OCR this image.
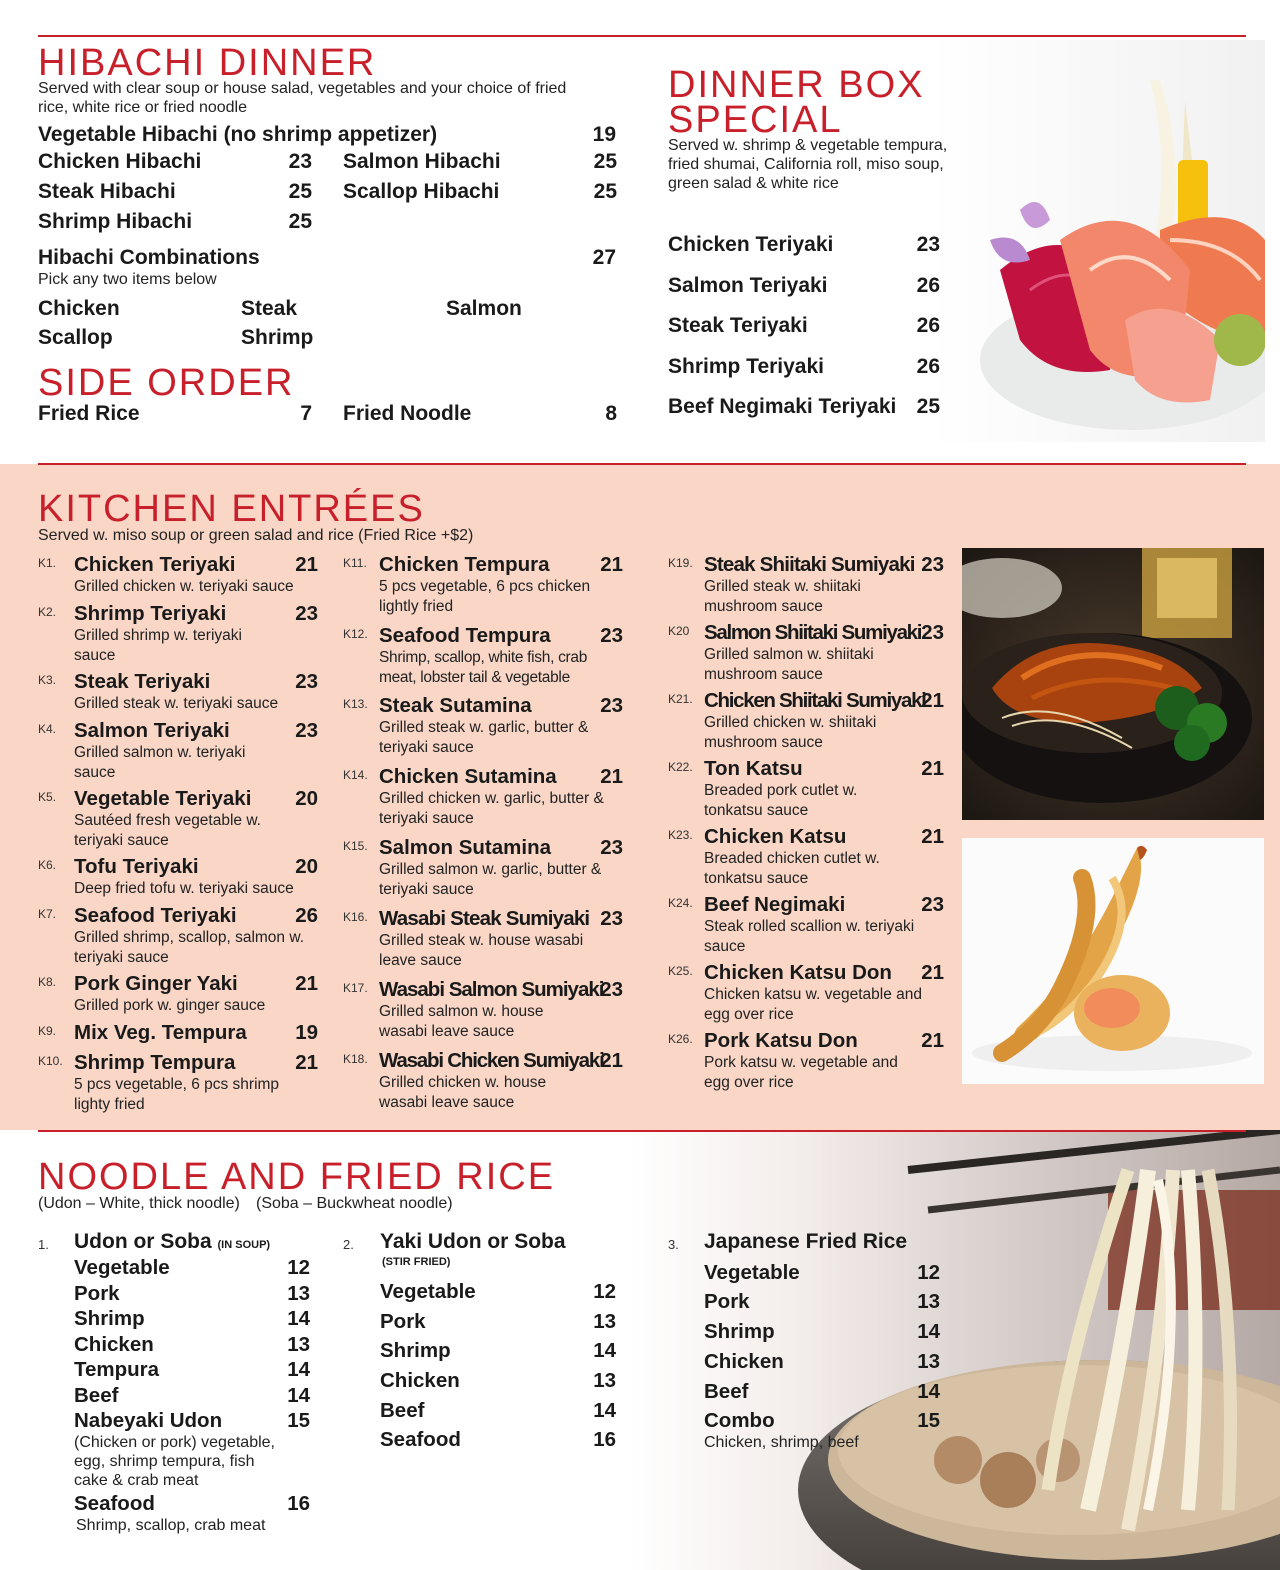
HIBACHI DINNER
Served with clear soup or house salad, vegetables and your choice of fried rice, white rice or fried noodle
Vegetable Hibachi (no shrimp appetizer)	19
Chicken Hibachi	23
Steak Hibachi	25
Shrimp Hibachi	25
Salmon Hibachi	25
Scallop Hibachi	25
Hibachi Combinations	27
Pick any two items below
Chicken	Steak	Salmon
Scallop	Shrimp
SIDE ORDER
Fried Rice	7 Fried Noodle	8
DINNER BOX
SPECIAL
Served w. shrimp & vegetable tempura, fried shumai, California roll, miso soup, green salad & white rice
Chicken Teriyaki	23
Salmon Teriyaki	26
Steak Teriyaki	26
Shrimp Teriyaki	26
Beef Negimaki Teriyaki 25
KITCHEN ENTRÉES
Served w. miso soup or green salad and rice (Fried Rice +$2)
K1. Chicken Teriyaki	21
Grilled chicken w. teriyaki sauce
K2. Shrimp Teriyaki	23
Grilled shrimp w. teriyaki sauce
K3. Steak Teriyaki	23
Grilled steak w. teriyaki sauce
K4. Salmon Teriyaki	23
Grilled salmon w. teriyaki sauce
K5. Vegetable Teriyaki 20
Sautéed fresh vegetable w. teriyaki sauce
K6. Tofu Teriyaki	20
Deep fried tofu w. teriyaki sauce
K7. Seafood Teriyaki	26
Grilled shrimp, scallop, salmon w. teriyaki sauce
K8. Pork Ginger Yaki	21
Grilled pork w. ginger sauce
K9. Mix Veg. Tempura 19
K10. Shrimp Tempura	21
5 pcs vegetable, 6 pcs shrimp lighty fried
K11. Chicken Tempura 21
5 pcs vegetable, 6 pcs chicken lightly fried
K12. Seafood Tempura 23
Shrimp, scallop, white fish, crab meat, lobster tail & vegetable
K13. Steak Sutamina	23
Grilled steak w. garlic, butter & teriyaki sauce
K14. Chicken Sutamina 21
Grilled chicken w. garlic, butter & teriyaki sauce
K15. Salmon Sutamina 23
Grilled salmon w. garlic, butter & teriyaki sauce
K16. Wasabi Steak Sumiyaki 23
Grilled steak w. house wasabi leave sauce
K17. Wasabi Salmon Sumiyaki
23
Grilled salmon w. house wasabi leave sauce
K18. Wasabi Chicken Sumiyaki
21
Grilled chicken w. house wasabi leave sauce
K19. Steak Shiitaki Sumiyaki 23
Grilled steak w. shiitaki mushroom sauce
K20 Salmon Shiitaki Sumiyaki 23
Grilled salmon w. shiitaki mushroom sauce
K21. Chicken Shiitaki Sumiyaki
21
Grilled chicken w. shiitaki mushroom sauce
K22. Ton Katsu	21
Breaded pork cutlet w. tonkatsu sauce
K23. Chicken Katsu	21
Breaded chicken cutlet w. tonkatsu sauce
K24. Beef Negimaki	23
Steak rolled scallion w. teriyaki sauce
K25. Chicken Katsu Don 21
Chicken katsu w. vegetable and egg over rice
K26. Pork Katsu Don	21
Pork katsu w. vegetable and egg over rice
NOODLE AND FRIED RICE
(Udon – White, thick noodle) (Soba – Buckwheat noodle)
1. Udon or Soba (IN SOUP)
Vegetable	12
Pork	13
Shrimp	14
Chicken	13
Tempura	14
Beef	14
Nabeyaki Udon	15
(Chicken or pork) vegetable, egg, shrimp tempura, fish cake & crab meat
Seafood	16
Shrimp, scallop, crab meat
2. Yaki Udon or Soba
(STIR FRIED)
Vegetable	12
Pork	13
Shrimp	14
Chicken	13
Beef	14
Seafood	16
3. Japanese Fried Rice
Vegetable	12
Pork	13
Shrimp	14
Chicken	13
Beef	14
Combo	15
Chicken, shrimp, beef
